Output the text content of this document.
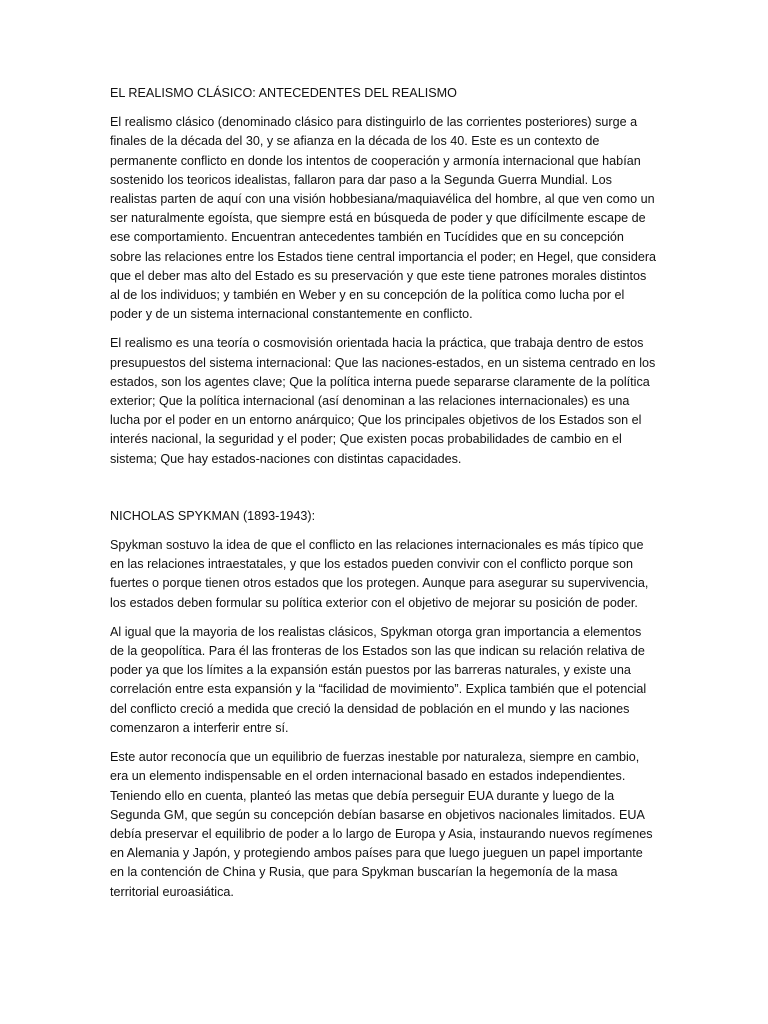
EL REALISMO CLÁSICO: ANTECEDENTES DEL REALISMO

El realismo clásico (denominado clásico para distinguirlo de las corrientes posteriores) surge a finales de la década del 30, y se afianza en la década de los 40. Este es un contexto de permanente conflicto en donde los intentos de cooperación y armonía internacional que habían sostenido los teoricos idealistas, fallaron para dar paso a la Segunda Guerra Mundial. Los realistas parten de aquí con una visión hobbesiana/maquiavélica del hombre, al que ven como un ser naturalmente egoísta, que siempre está en búsqueda de poder y que difícilmente escape de ese comportamiento. Encuentran antecedentes también en Tucídides que en su concepción sobre las relaciones entre los Estados tiene central importancia el poder; en Hegel, que considera que el deber mas alto del Estado es su preservación y que este tiene patrones morales distintos al de los individuos; y también en Weber y en su concepción de la política como lucha por el poder y de un sistema internacional constantemente en conflicto.

El realismo es una teoría o cosmovisión orientada hacia la práctica, que trabaja dentro de estos presupuestos del sistema internacional: Que las naciones-estados, en un sistema centrado en los estados, son los agentes clave; Que la política interna puede separarse claramente de la política exterior; Que la política internacional (así denominan a las relaciones internacionales) es una lucha por el poder en un entorno anárquico; Que los principales objetivos de los Estados son el interés nacional, la seguridad y el poder; Que existen pocas probabilidades de cambio en el sistema; Que hay estados-naciones con distintas capacidades.

NICHOLAS SPYKMAN (1893-1943):

Spykman sostuvo la idea de que el conflicto en las relaciones internacionales es más típico que en las relaciones intraestatales, y que los estados pueden convivir con el conflicto porque son fuertes o porque tienen otros estados que los protegen. Aunque para asegurar su supervivencia, los estados deben formular su política exterior con el objetivo de mejorar su posición de poder.

Al igual que la mayoria de los realistas clásicos, Spykman otorga gran importancia a elementos de la geopolítica. Para él las fronteras de los Estados son las que indican su relación relativa de poder ya que los límites a la expansión están puestos por las barreras naturales, y existe una correlación entre esta expansión y la “facilidad de movimiento”. Explica también que el potencial del conflicto creció a medida que creció la densidad de población en el mundo y las naciones comenzaron a interferir entre sí.

Este autor reconocía que un equilibrio de fuerzas inestable por naturaleza, siempre en cambio, era un elemento indispensable en el orden internacional basado en estados independientes. Teniendo ello en cuenta, planteó las metas que debía perseguir EUA durante y luego de la Segunda GM, que según su concepción debían basarse en objetivos nacionales limitados. EUA debía preservar el equilibrio de poder a lo largo de Europa y Asia, instaurando nuevos regímenes en Alemania y Japón, y protegiendo ambos países para que luego jueguen un papel importante en la contención de China y Rusia, que para Spykman buscarían la hegemonía de la masa territorial euroasiática.
